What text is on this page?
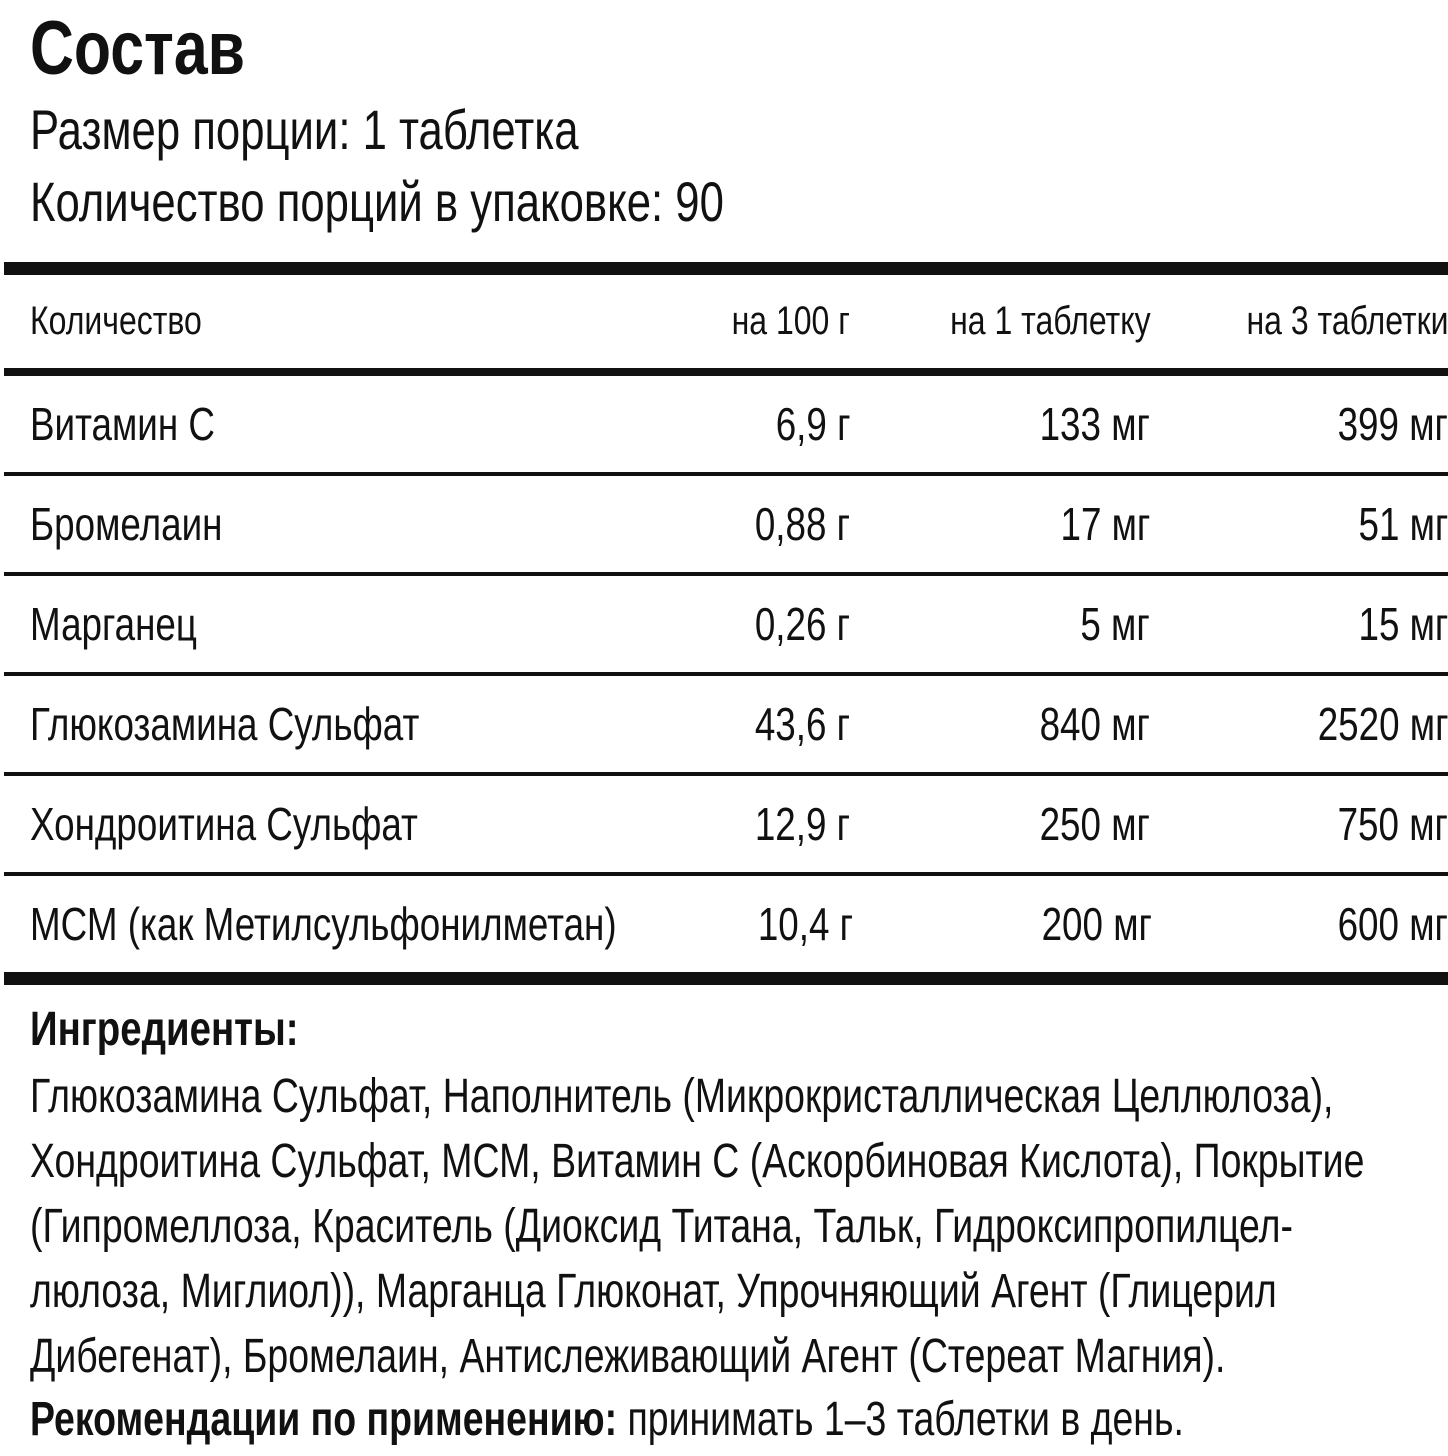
Состав
Размер порции: 1 таблетка
Количество порций в упаковке: 90
Количество	на 100 г	на 1 таблетку	на 3 таблетки
Витамин С	6,9 г	133 мг	399 мг
Бромелаин	0,88 г	17 мг	51 мг
Марганец	0,26 г	5 мг	15 мг
Глюкозамина Сульфат	43,6 г	840 мг	2520 мг
Хондроитина Сульфат	12,9 г	250 мг	750 мг
МСМ (как Метилсульфонилметан)	10,4 г	200 мг	600 мг
Ингредиенты:
Глюкозамина Сульфат, Наполнитель (Микрокристаллическая Целлюлоза),
Хондроитина Сульфат, МСМ, Витамин С (Аскорбиновая Кислота), Покрытие
(Гипромеллоза, Краситель (Диоксид Титана, Тальк, Гидроксипропилцел-
люлоза, Миглиол)), Марганца Глюконат, Упрочняющий Агент (Глицерил
Дибегенат), Бромелаин, Антислеживающий Агент (Стереат Магния).
Рекомендации по применению: принимать 1–3 таблетки в день.
